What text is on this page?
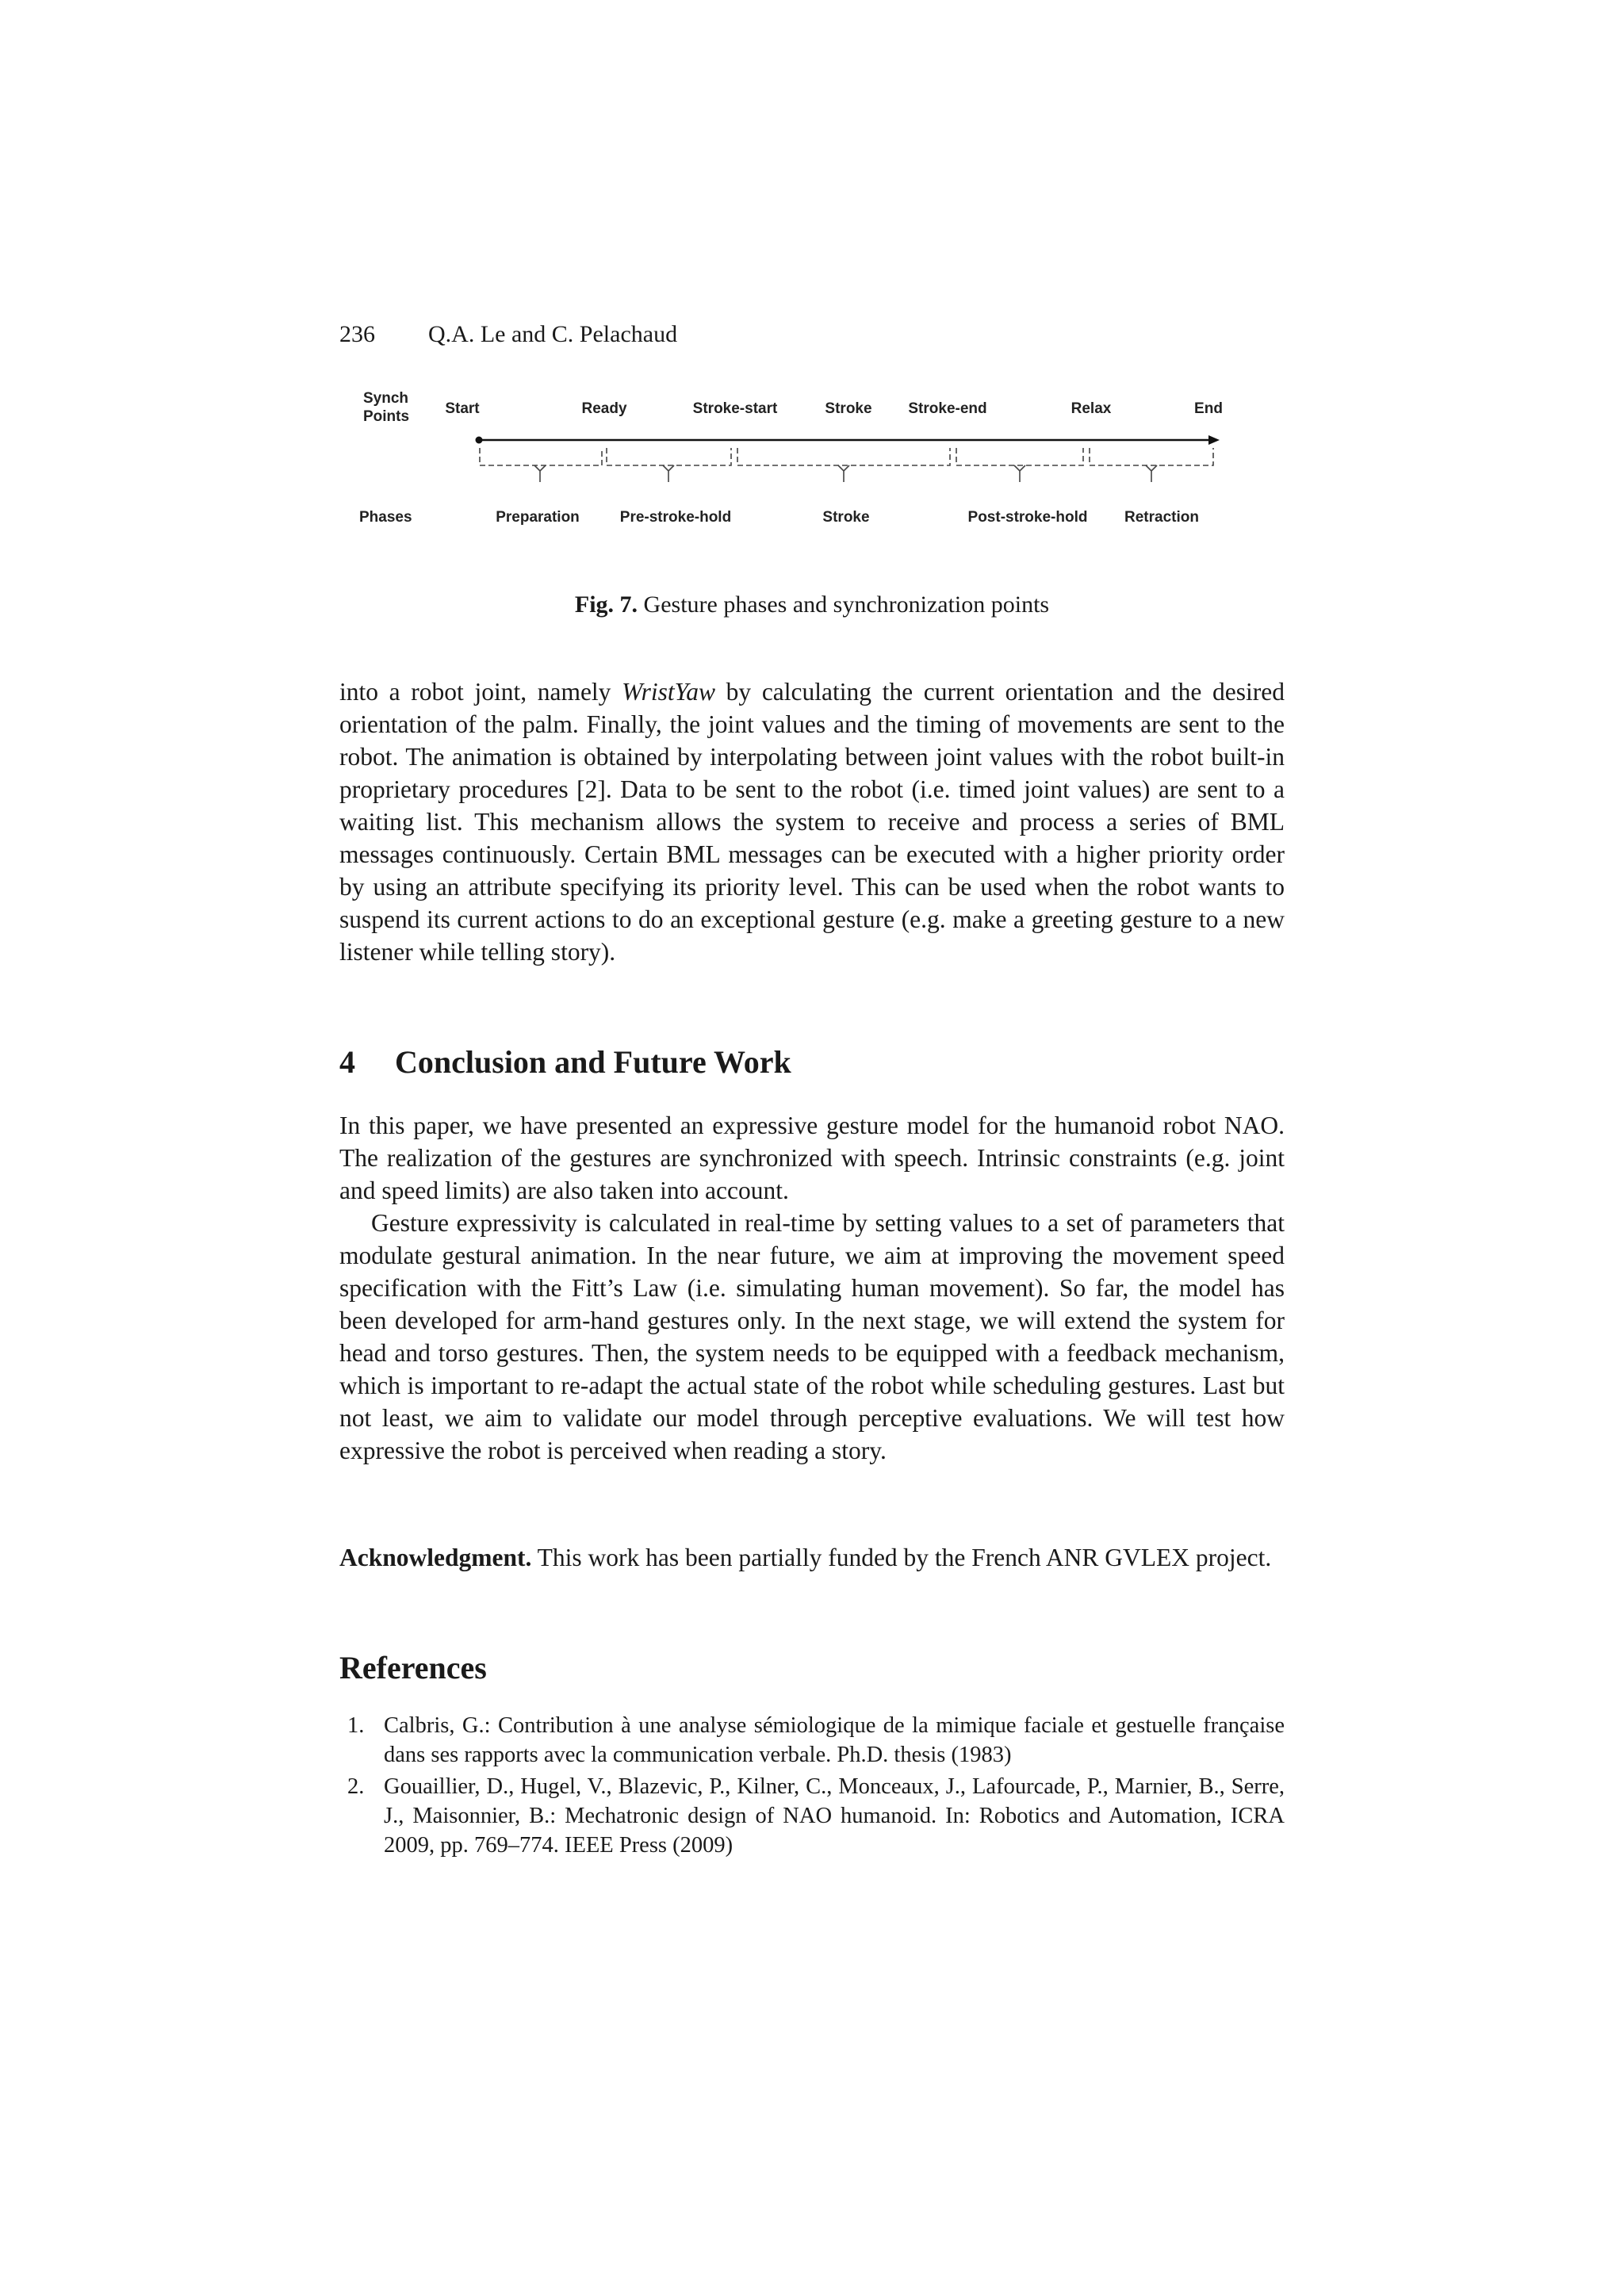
236 Q.A. Le and C. Pelachaud
Synch
Points Start	Ready	Stroke-start	Stroke Stroke-end	Relax	End
Phases	Preparation	Pre-stroke-hold	Stroke	Post-stroke-hold Retraction
Fig. 7. Gesture phases and synchronization points

into a robot joint, namely WristYaw by calculating the current orientation and the desired orientation of the palm. Finally, the joint values and the timing of movements are sent to the robot. The animation is obtained by interpolating between joint values with the robot built-in proprietary procedures [2]. Data to be sent to the robot (i.e. timed joint values) are sent to a waiting list. This mechanism allows the system to receive and process a series of BML messages continuously. Certain BML messages can be executed with a higher priority order by using an attribute specifying its priority level. This can be used when the robot wants to suspend its current actions to do an exceptional gesture (e.g. make a greeting gesture to a new listener while telling story).

4 Conclusion and Future Work

In this paper, we have presented an expressive gesture model for the humanoid robot NAO. The realization of the gestures are synchronized with speech. Intrinsic constraints (e.g. joint and speed limits) are also taken into account.

Gesture expressivity is calculated in real-time by setting values to a set of parameters that modulate gestural animation. In the near future, we aim at improving the movement speed specification with the Fitt’s Law (i.e. simulating human movement). So far, the model has been developed for arm-hand gestures only. In the next stage, we will extend the system for head and torso gestures. Then, the system needs to be equipped with a feedback mechanism, which is important to re-adapt the actual state of the robot while scheduling gestures. Last but not least, we aim to validate our model through perceptive evaluations. We will test how expressive the robot is perceived when reading a story.

Acknowledgment. This work has been partially funded by the French ANR GVLEX project.

References
1. Calbris, G.: Contribution à une analyse sémiologique de la mimique faciale et gestuelle française dans ses rapports avec la communication verbale. Ph.D. thesis (1983)
2. Gouaillier, D., Hugel, V., Blazevic, P., Kilner, C., Monceaux, J., Lafourcade, P., Marnier, B., Serre, J., Maisonnier, B.: Mechatronic design of NAO humanoid. In: Robotics and Automation, ICRA 2009, pp. 769–774. IEEE Press (2009)
